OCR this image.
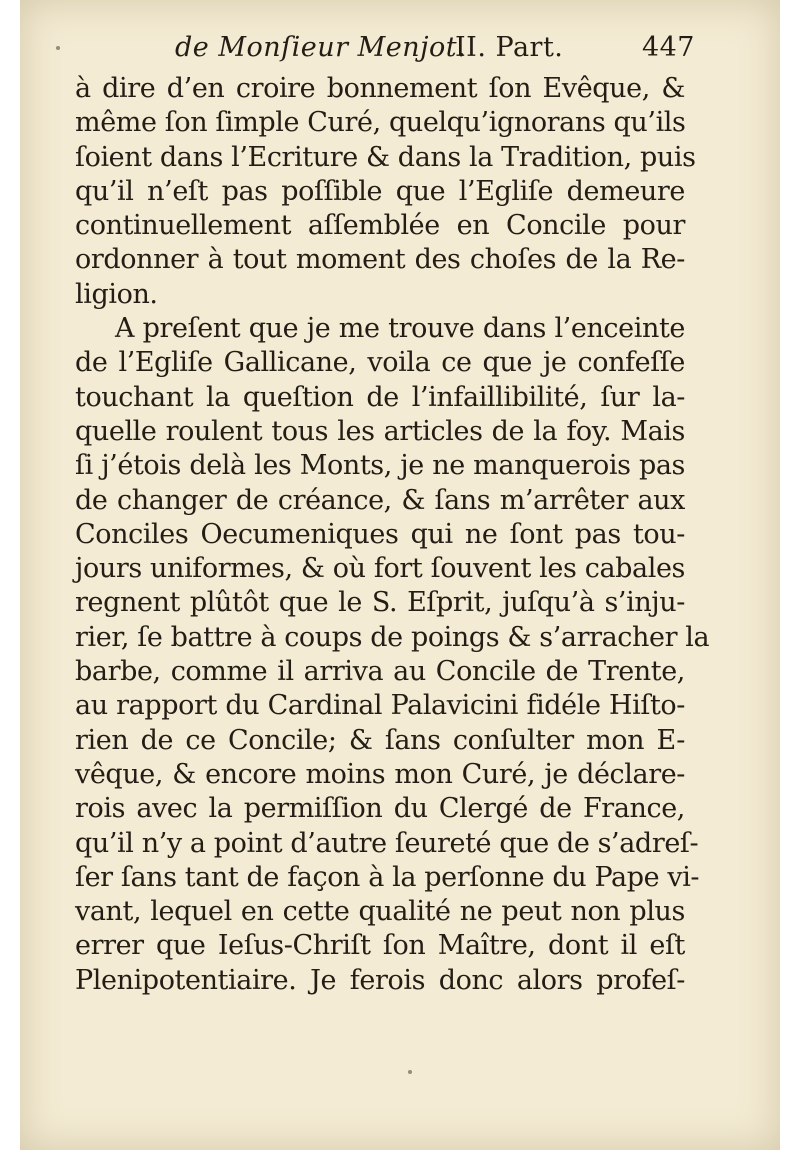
de Monſieur Menjot.
II. Part.	447
à dire d’en croire bonnement ſon Evêque, &
même ſon ſimple Curé, quelqu’ignorans qu’ils
ſoient dans l’Ecriture & dans la Tradition, puis
qu’il n’eſt pas poſſible que l’Egliſe demeure
continuellement aſſemblée en Concile pour
ordonner à tout moment des choſes de la Re-
ligion.
A preſent que je me trouve dans l’enceinte
de l’Egliſe Gallicane, voila ce que je confeſſe
touchant la queſtion de l’infaillibilité, ſur la-
quelle roulent tous les articles de la foy. Mais
ſi j’étois delà les Monts, je ne manquerois pas
de changer de créance, & ſans m’arrêter aux
Conciles Oecumeniques qui ne ſont pas tou-
jours uniformes, & où fort ſouvent les cabales
regnent plûtôt que le S. Eſprit, juſqu’à s’inju-
rier, ſe battre à coups de poings & s’arracher la
barbe, comme il arriva au Concile de Trente,
au rapport du Cardinal Palavicini fidéle Hiſto-
rien de ce Concile; & ſans conſulter mon E-
vêque, & encore moins mon Curé, je déclare-
rois avec la permiſſion du Clergé de France,
qu’il n’y a point d’autre ſeureté que de s’adreſ-
ſer ſans tant de façon à la perſonne du Pape vi-
vant, lequel en cette qualité ne peut non plus
errer que Ieſus-Chriſt ſon Maître, dont il eſt
Plenipotentiaire. Je ferois donc alors profeſ-
